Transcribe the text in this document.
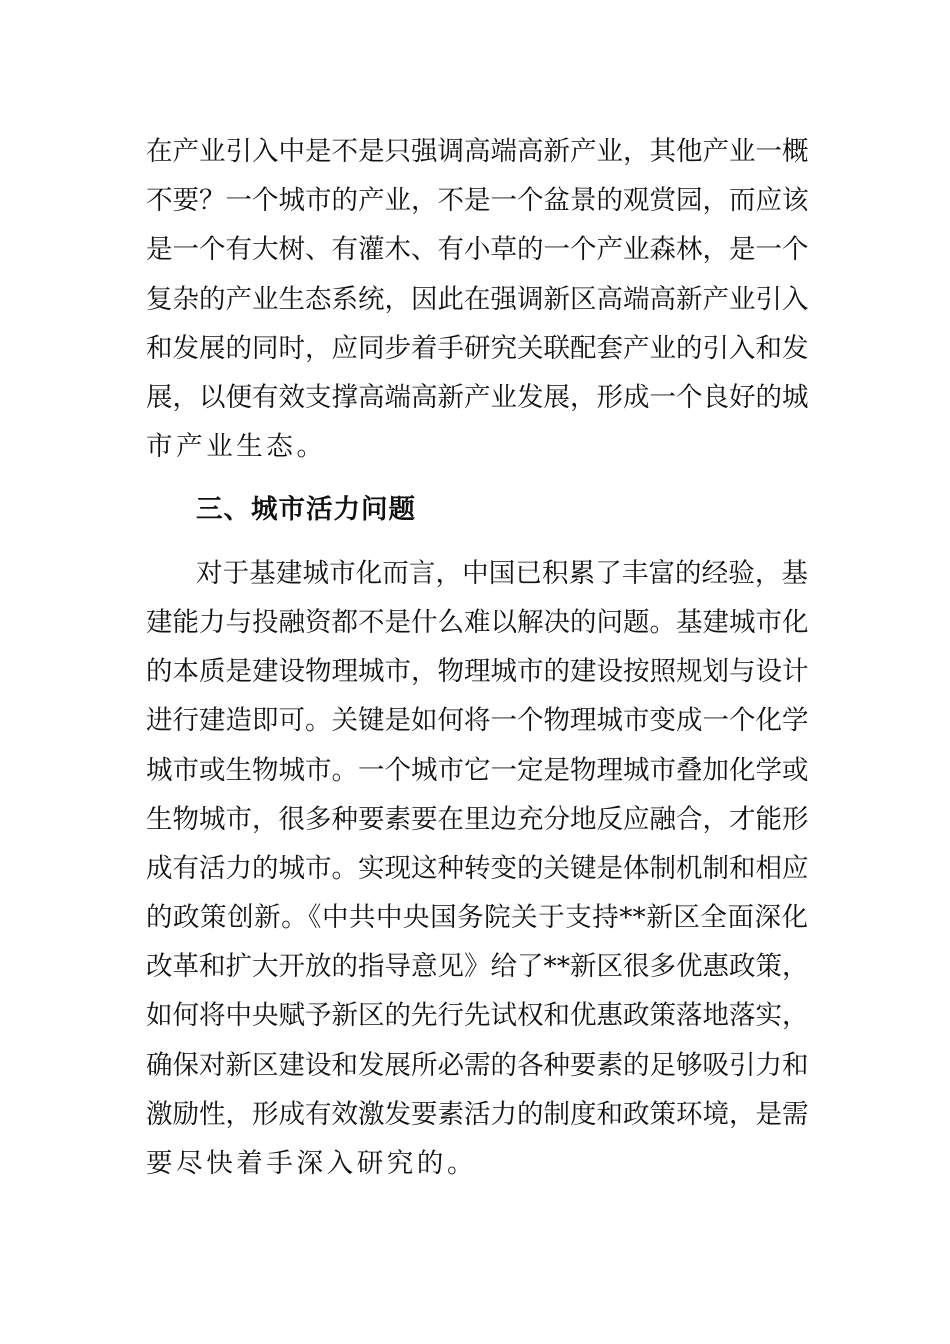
在产业引入中是不是只强调高端高新产业，其他产业一概
不要？一个城市的产业，不是一个盆景的观赏园，而应该
是一个有大树、有灌木、有小草的一个产业森林，是一个
复杂的产业生态系统，因此在强调新区高端高新产业引入
和发展的同时，应同步着手研究关联配套产业的引入和发
展，以便有效支撑高端高新产业发展，形成一个良好的城
市产业生态。
三、城市活力问题
对于基建城市化而言，中国已积累了丰富的经验，基
建能力与投融资都不是什么难以解决的问题。基建城市化
的本质是建设物理城市，物理城市的建设按照规划与设计
进行建造即可。关键是如何将一个物理城市变成一个化学
城市或生物城市。一个城市它一定是物理城市叠加化学或
生物城市，很多种要素要在里边充分地反应融合，才能形
成有活力的城市。实现这种转变的关键是体制机制和相应
的政策创新。《中共中央国务院关于支持**新区全面深化
改革和扩大开放的指导意见》给了**新区很多优惠政策，
如何将中央赋予新区的先行先试权和优惠政策落地落实，
确保对新区建设和发展所必需的各种要素的足够吸引力和
激励性，形成有效激发要素活力的制度和政策环境，是需
要尽快着手深入研究的。
